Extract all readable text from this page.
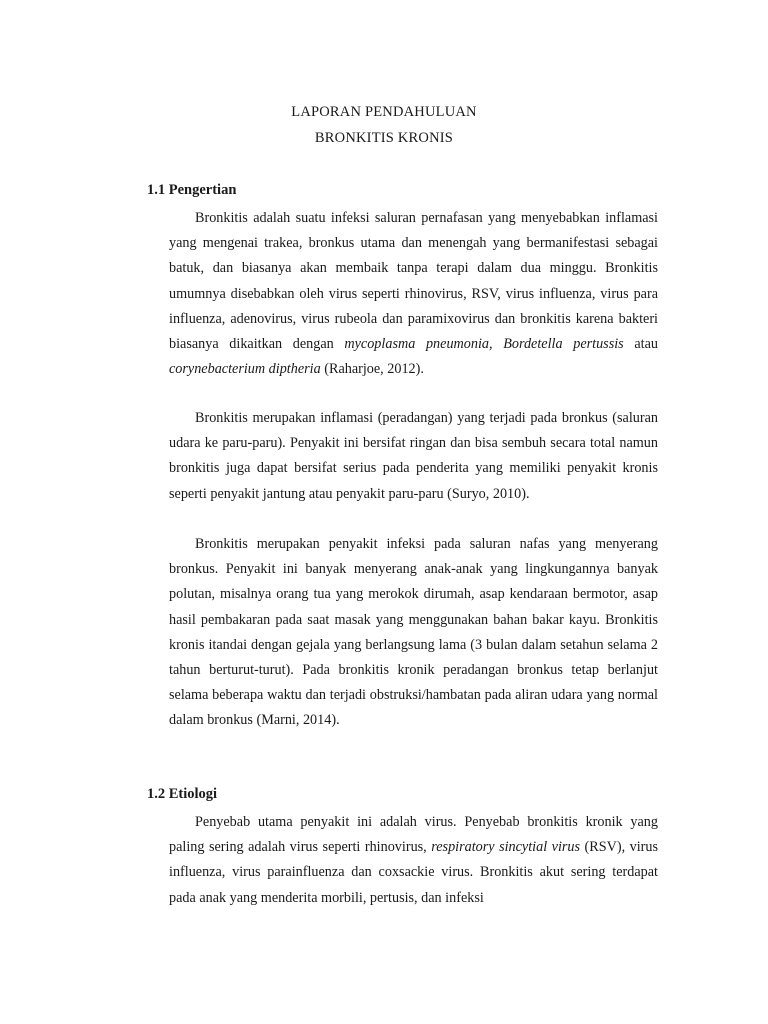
LAPORAN PENDAHULUAN
BRONKITIS KRONIS
1.1 Pengertian

Bronkitis adalah suatu infeksi saluran pernafasan yang menyebabkan inflamasi yang mengenai trakea, bronkus utama dan menengah yang bermanifestasi sebagai batuk, dan biasanya akan membaik tanpa terapi dalam dua minggu. Bronkitis umumnya disebabkan oleh virus seperti rhinovirus, RSV, virus influenza, virus para influenza, adenovirus, virus rubeola dan paramixovirus dan bronkitis karena bakteri biasanya dikaitkan dengan mycoplasma pneumonia, Bordetella pertussis atau corynebacterium diptheria (Raharjoe, 2012).

Bronkitis merupakan inflamasi (peradangan) yang terjadi pada bronkus (saluran udara ke paru-paru). Penyakit ini bersifat ringan dan bisa sembuh secara total namun bronkitis juga dapat bersifat serius pada penderita yang memiliki penyakit kronis seperti penyakit jantung atau penyakit paru-paru (Suryo, 2010).

Bronkitis merupakan penyakit infeksi pada saluran nafas yang menyerang bronkus. Penyakit ini banyak menyerang anak-anak yang lingkungannya banyak polutan, misalnya orang tua yang merokok dirumah, asap kendaraan bermotor, asap hasil pembakaran pada saat masak yang menggunakan bahan bakar kayu. Bronkitis kronis itandai dengan gejala yang berlangsung lama (3 bulan dalam setahun selama 2 tahun berturut-turut). Pada bronkitis kronik peradangan bronkus tetap berlanjut selama beberapa waktu dan terjadi obstruksi/hambatan pada aliran udara yang normal dalam bronkus (Marni, 2014).

1.2 Etiologi

Penyebab utama penyakit ini adalah virus. Penyebab bronkitis kronik yang paling sering adalah virus seperti rhinovirus, respiratory sincytial virus (RSV), virus influenza, virus parainfluenza dan coxsackie virus. Bronkitis akut sering terdapat pada anak yang menderita morbili, pertusis, dan infeksi
